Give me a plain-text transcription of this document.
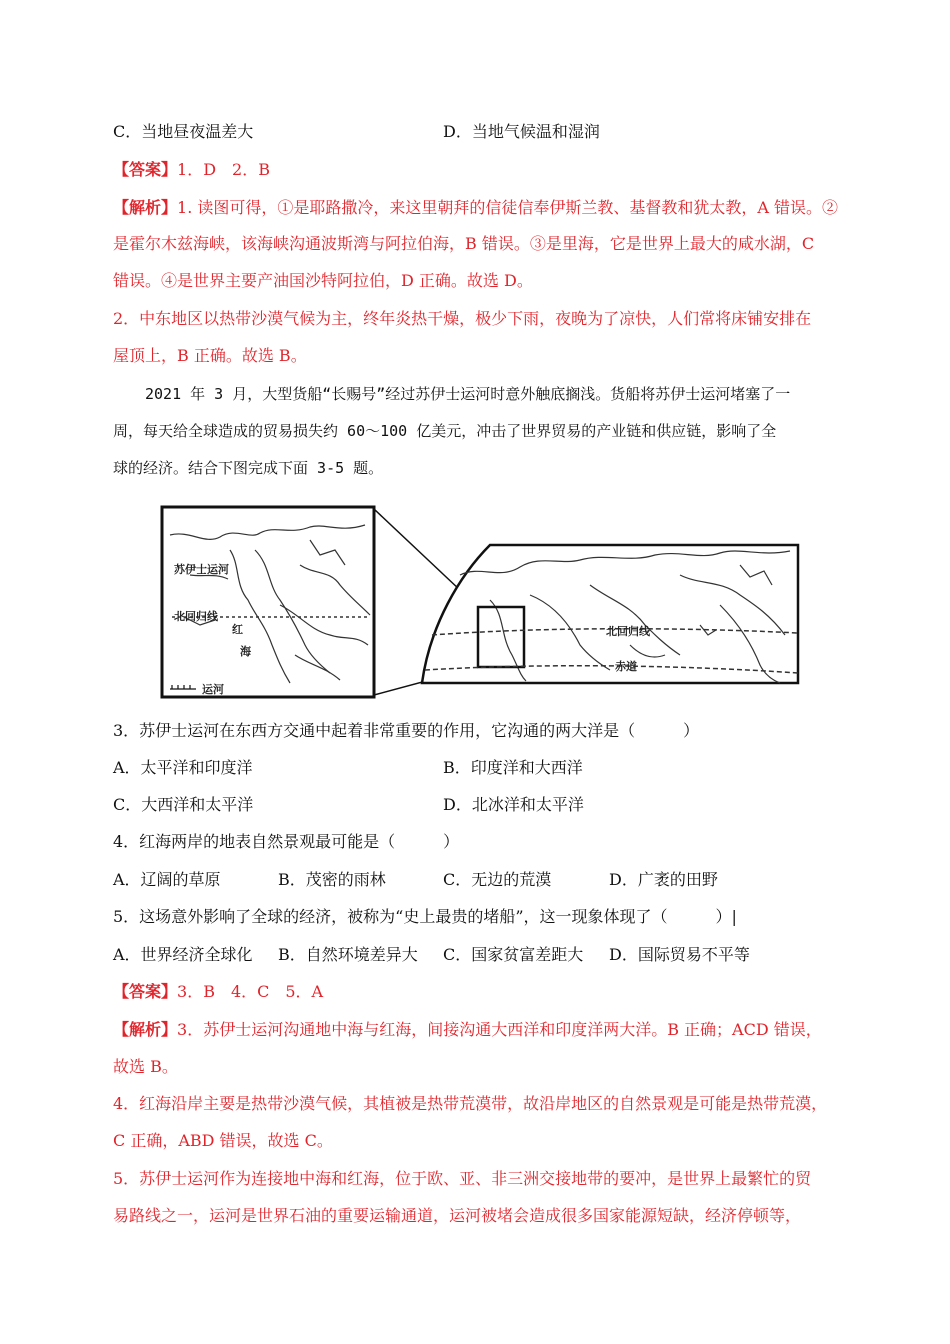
C．当地昼夜温差大	D．当地气候温和湿润
【答案】1．D　2．B
【解析】1. 读图可得，①是耶路撒冷，来这里朝拜的信徒信奉伊斯兰教、基督教和犹太教，A 错误。②
是霍尔木兹海峡，该海峡沟通波斯湾与阿拉伯海，B 错误。③是里海，它是世界上最大的咸水湖，C
错误。④是世界主要产油国沙特阿拉伯，D 正确。故选 D。
2．中东地区以热带沙漠气候为主，终年炎热干燥，极少下雨，夜晚为了凉快，人们常将床铺安排在
屋顶上，B 正确。故选 B。
2021 年 3 月，大型货船“长赐号”经过苏伊士运河时意外触底搁浅。货船将苏伊士运河堵塞了一
周，每天给全球造成的贸易损失约 60～100 亿美元，冲击了世界贸易的产业链和供应链，影响了全
球的经济。结合下图完成下面 3-5 题。
苏伊士运河
北回归线
红
海
运河
北回归线
赤道
3．苏伊士运河在东西方交通中起着非常重要的作用，它沟通的两大洋是（　　　）
A．太平洋和印度洋	B．印度洋和大西洋
C．大西洋和太平洋	D．北冰洋和太平洋
4．红海两岸的地表自然景观最可能是（　　　）
A．辽阔的草原	B．茂密的雨林	C．无边的荒漠	D．广袤的田野
5．这场意外影响了全球的经济，被称为“史上最贵的堵船”，这一现象体现了（　　　）|
A．世界经济全球化 B．自然环境差异大 C．国家贫富差距大 D．国际贸易不平等
【答案】3．B　4．C　5．A
【解析】3．苏伊士运河沟通地中海与红海，间接沟通大西洋和印度洋两大洋。B 正确；ACD 错误，
故选 B。
4．红海沿岸主要是热带沙漠气候，其植被是热带荒漠带，故沿岸地区的自然景观是可能是热带荒漠，
C 正确，ABD 错误，故选 C。
5．苏伊士运河作为连接地中海和红海，位于欧、亚、非三洲交接地带的要冲，是世界上最繁忙的贸
易路线之一，运河是世界石油的重要运输通道，运河被堵会造成很多国家能源短缺，经济停顿等，
